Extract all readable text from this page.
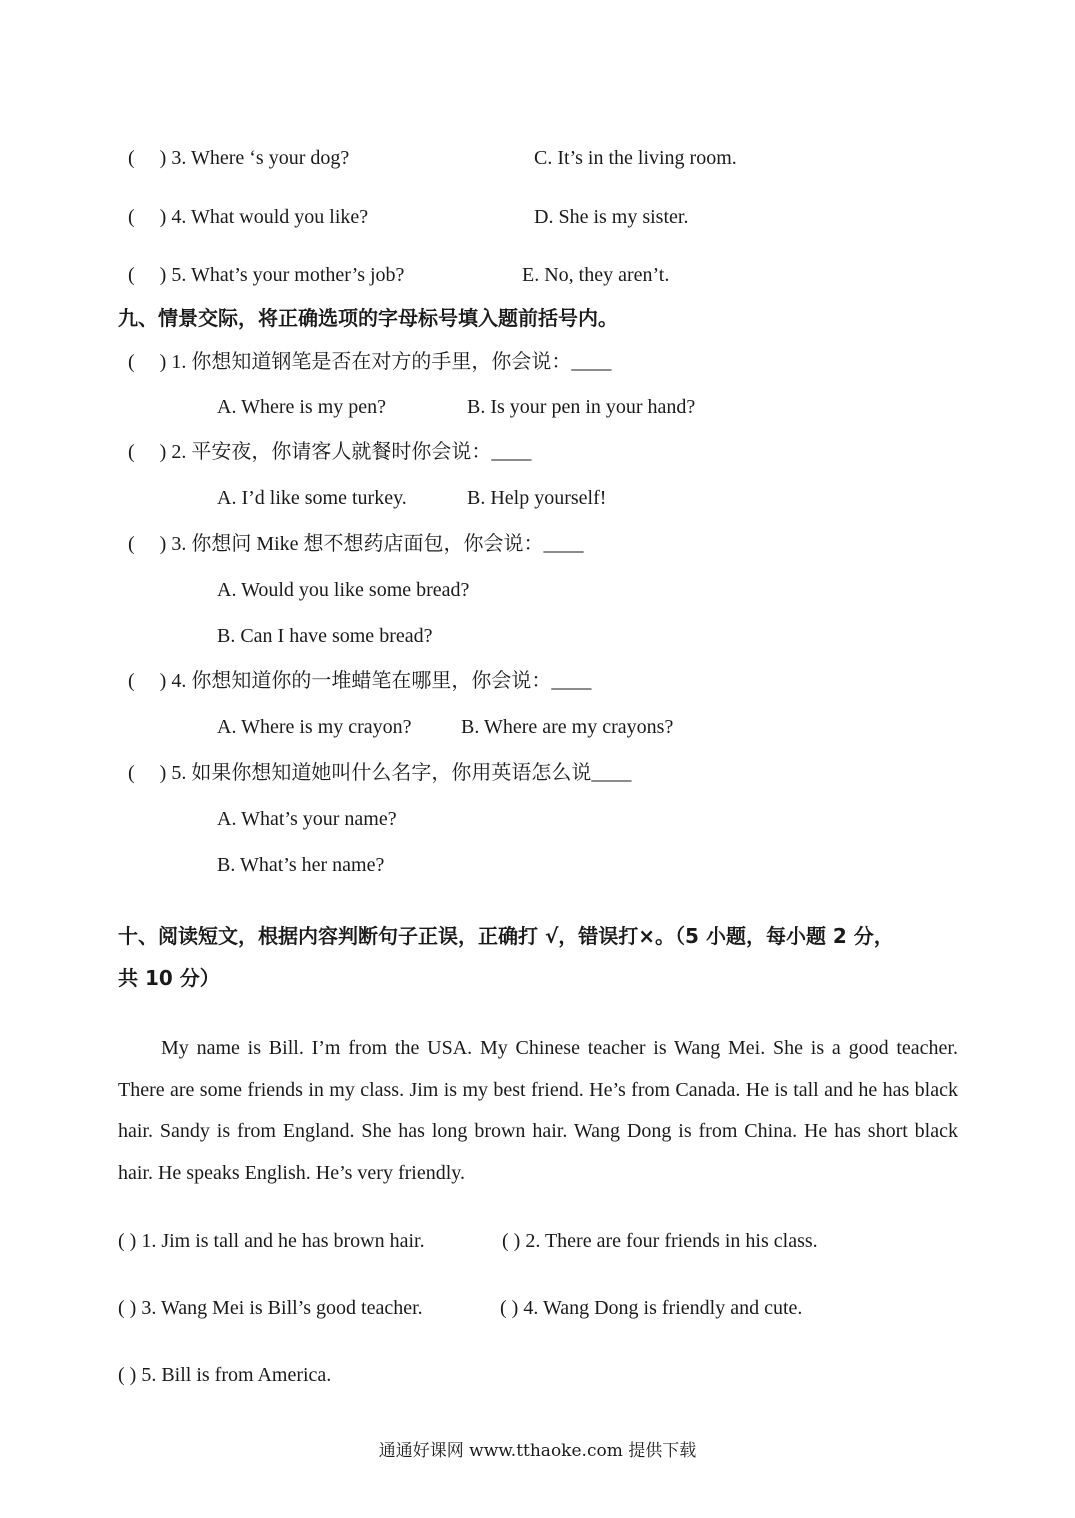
(　 ) 3. Where ‘s your dog?	C. It’s in the living room.
(　 ) 4. What would you like?	D. She is my sister.
(　 ) 5. What’s your mother’s job?	E. No, they aren’t.
九、情景交际，将正确选项的字母标号填入题前括号内。
(　 ) 1. 你想知道钢笔是否在对方的手里，你会说：____
A. Where is my pen?	B. Is your pen in your hand?
(　 ) 2. 平安夜，你请客人就餐时你会说：____
A. I’d like some turkey.	B. Help yourself!
(　 ) 3. 你想问 Mike 想不想药店面包，你会说：____
A. Would you like some bread?
B. Can I have some bread?
(　 ) 4. 你想知道你的一堆蜡笔在哪里，你会说：____
A. Where is my crayon? B. Where are my crayons?
(　 ) 5. 如果你想知道她叫什么名字，你用英语怎么说____
A. What’s your name?
B. What’s her name?
十、阅读短文，根据内容判断句子正误，正确打 √，错误打×。（5 小题，每小题 2 分，
共 10 分）
My name is Bill. I’m from the USA. My Chinese teacher is Wang Mei. She is a good teacher. There are some friends in my class. Jim is my best friend. He’s from Canada. He is tall and he has black hair. Sandy is from England. She has long brown hair. Wang Dong is from China. He has short black hair. He speaks English. He’s very friendly.
( ) 1. Jim is tall and he has brown hair.	( ) 2. There are four friends in his class.
( ) 3. Wang Mei is Bill’s good teacher.	( ) 4. Wang Dong is friendly and cute.
( ) 5. Bill is from America.
通通好课网 www.tthaoke.com 提供下载
